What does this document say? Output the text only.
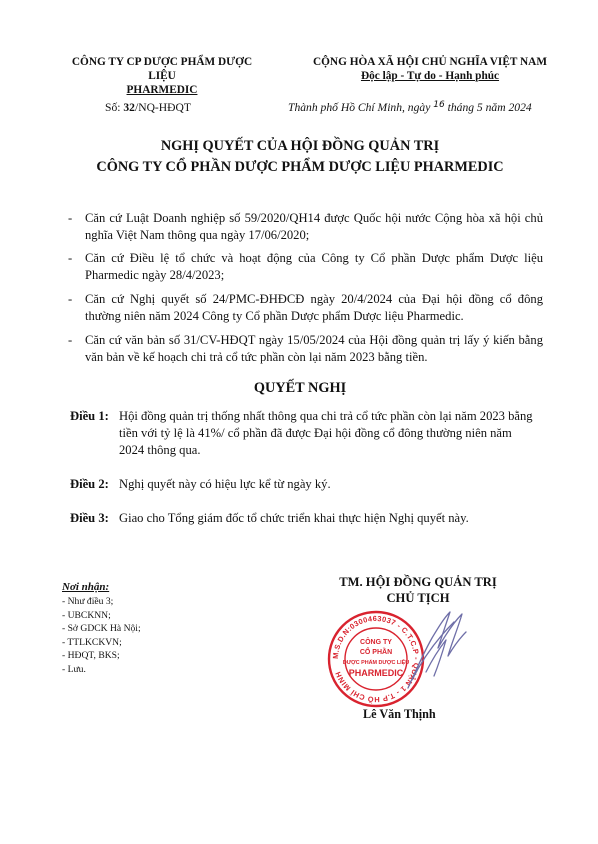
CÔNG TY CP DƯỢC PHẨM DƯỢC LIỆU
PHARMEDIC
CỘNG HÒA XÃ HỘI CHỦ NGHĨA VIỆT NAM
Độc lập - Tự do - Hạnh phúc
Số: 32/NQ-HĐQT	Thành phố Hồ Chí Minh, ngày $^{16}$ tháng 5 năm 2024
NGHỊ QUYẾT CỦA HỘI ĐỒNG QUẢN TRỊ
CÔNG TY CỔ PHẦN DƯỢC PHẨM DƯỢC LIỆU PHARMEDIC
- Căn cứ Luật Doanh nghiệp số 59/2020/QH14 được Quốc hội nước Cộng hòa xã hội chủ nghĩa Việt Nam thông qua ngày 17/06/2020;
- Căn cứ Điều lệ tổ chức và hoạt động của Công ty Cổ phần Dược phẩm Dược liệu Pharmedic ngày 28/4/2023;
- Căn cứ Nghị quyết số 24/PMC-ĐHĐCĐ ngày 20/4/2024 của Đại hội đồng cổ đông thường niên năm 2024 Công ty Cổ phần Dược phẩm Dược liệu Pharmedic.
- Căn cứ văn bản số 31/CV-HĐQT ngày 15/05/2024 của Hội đồng quản trị lấy ý kiến bằng văn bản về kế hoạch chi trả cổ tức phần còn lại năm 2023 bằng tiền.
QUYẾT NGHỊ
Điều 1: Hội đồng quản trị thống nhất thông qua chi trả cổ tức phần còn lại năm 2023 bằng tiền với tỷ lệ là 41%/ cổ phần đã được Đại hội đồng cổ đông thường niên năm 2024 thông qua.
Điều 2: Nghị quyết này có hiệu lực kể từ ngày ký.
Điều 3: Giao cho Tổng giám đốc tổ chức triển khai thực hiện Nghị quyết này.
Nơi nhận:
- Như điều 3;
- UBCKNN;
- Sở GDCK Hà Nội;
- TTLKCKVN;
- HĐQT, BKS;
- Lưu.
TM. HỘI ĐỒNG QUẢN TRỊ
CHỦ TỊCH
M.S.D.N:0300463037 - C.T.C.P - QUẬN 1 - T.P HỒ CHÍ MINH
CÔNG TY
CỔ PHẦN
DƯỢC PHẨM DƯỢC LIỆU
PHARMEDIC
Lê Văn Thịnh
